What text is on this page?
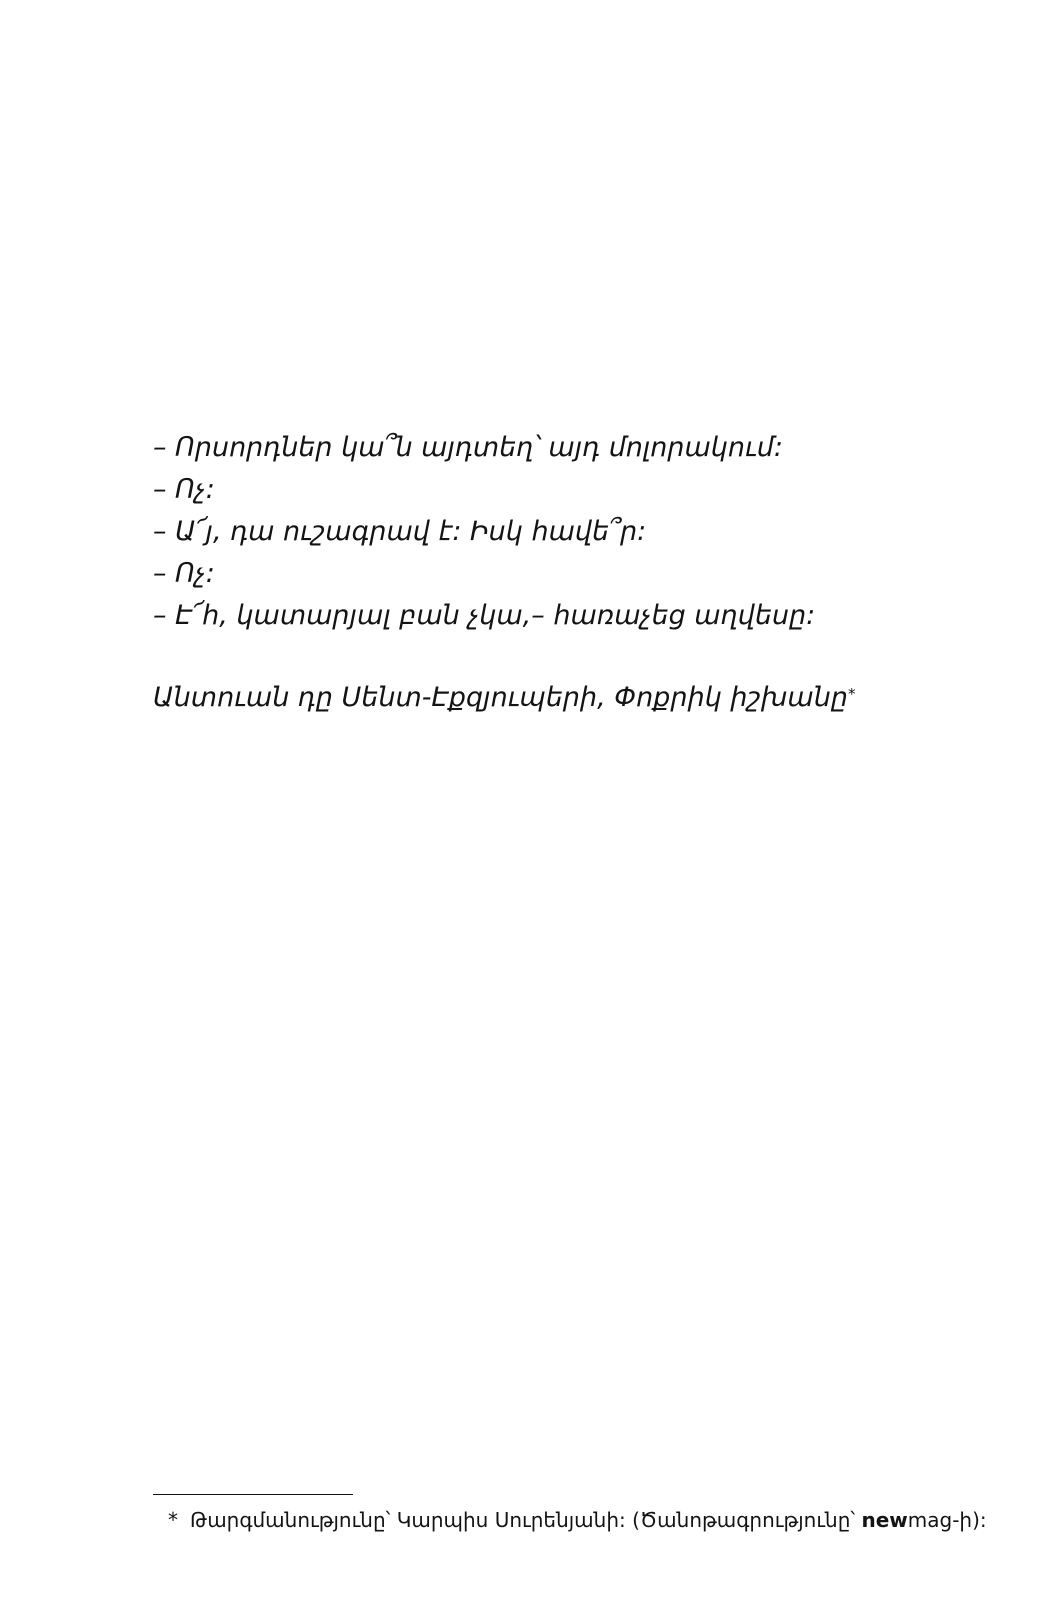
– Որսորդներ կա՞ն այդտեղ՝ այդ մոլորակում:
– Ոչ:
– Ա՜յ, դա ուշագրավ է: Իսկ հավե՞ր:
– Ոչ:
– Է՜հ, կատարյալ բան չկա,– հառաչեց աղվեսը:
Անտուան դը Սենտ-Էքզյուպերի, Փոքրիկ իշխանը*
* Թարգմանությունը՝ Կարպիս Սուրենյանի: (Ծանոթագրությունը՝ newmag-ի):
